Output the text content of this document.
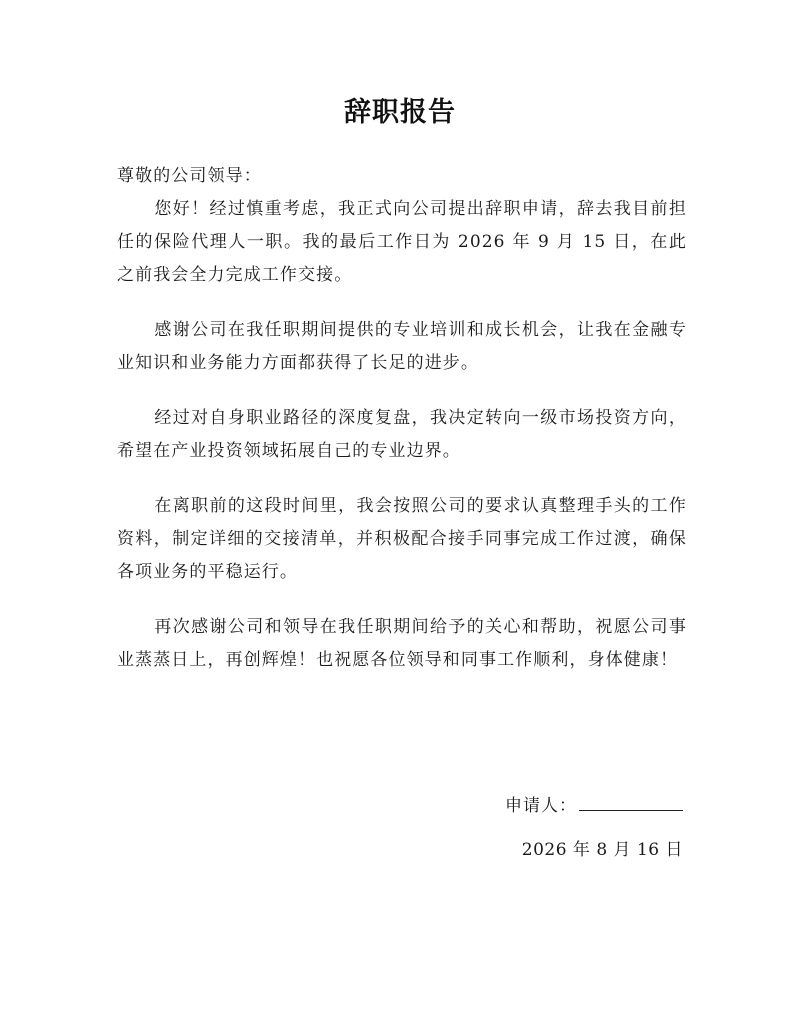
辞职报告
尊敬的公司领导：

您好！经过慎重考虑，我正式向公司提出辞职申请，辞去我目前担任的保险代理人一职。我的最后工作日为 2026 年 9 月 15 日，在此之前我会全力完成工作交接。

感谢公司在我任职期间提供的专业培训和成长机会，让我在金融专业知识和业务能力方面都获得了长足的进步。

经过对自身职业路径的深度复盘，我决定转向一级市场投资方向，希望在产业投资领域拓展自己的专业边界。

在离职前的这段时间里，我会按照公司的要求认真整理手头的工作资料，制定详细的交接清单，并积极配合接手同事完成工作过渡，确保各项业务的平稳运行。

再次感谢公司和领导在我任职期间给予的关心和帮助，祝愿公司事业蒸蒸日上，再创辉煌！也祝愿各位领导和同事工作顺利，身体健康！

申请人：
2026 年 8 月 16 日
